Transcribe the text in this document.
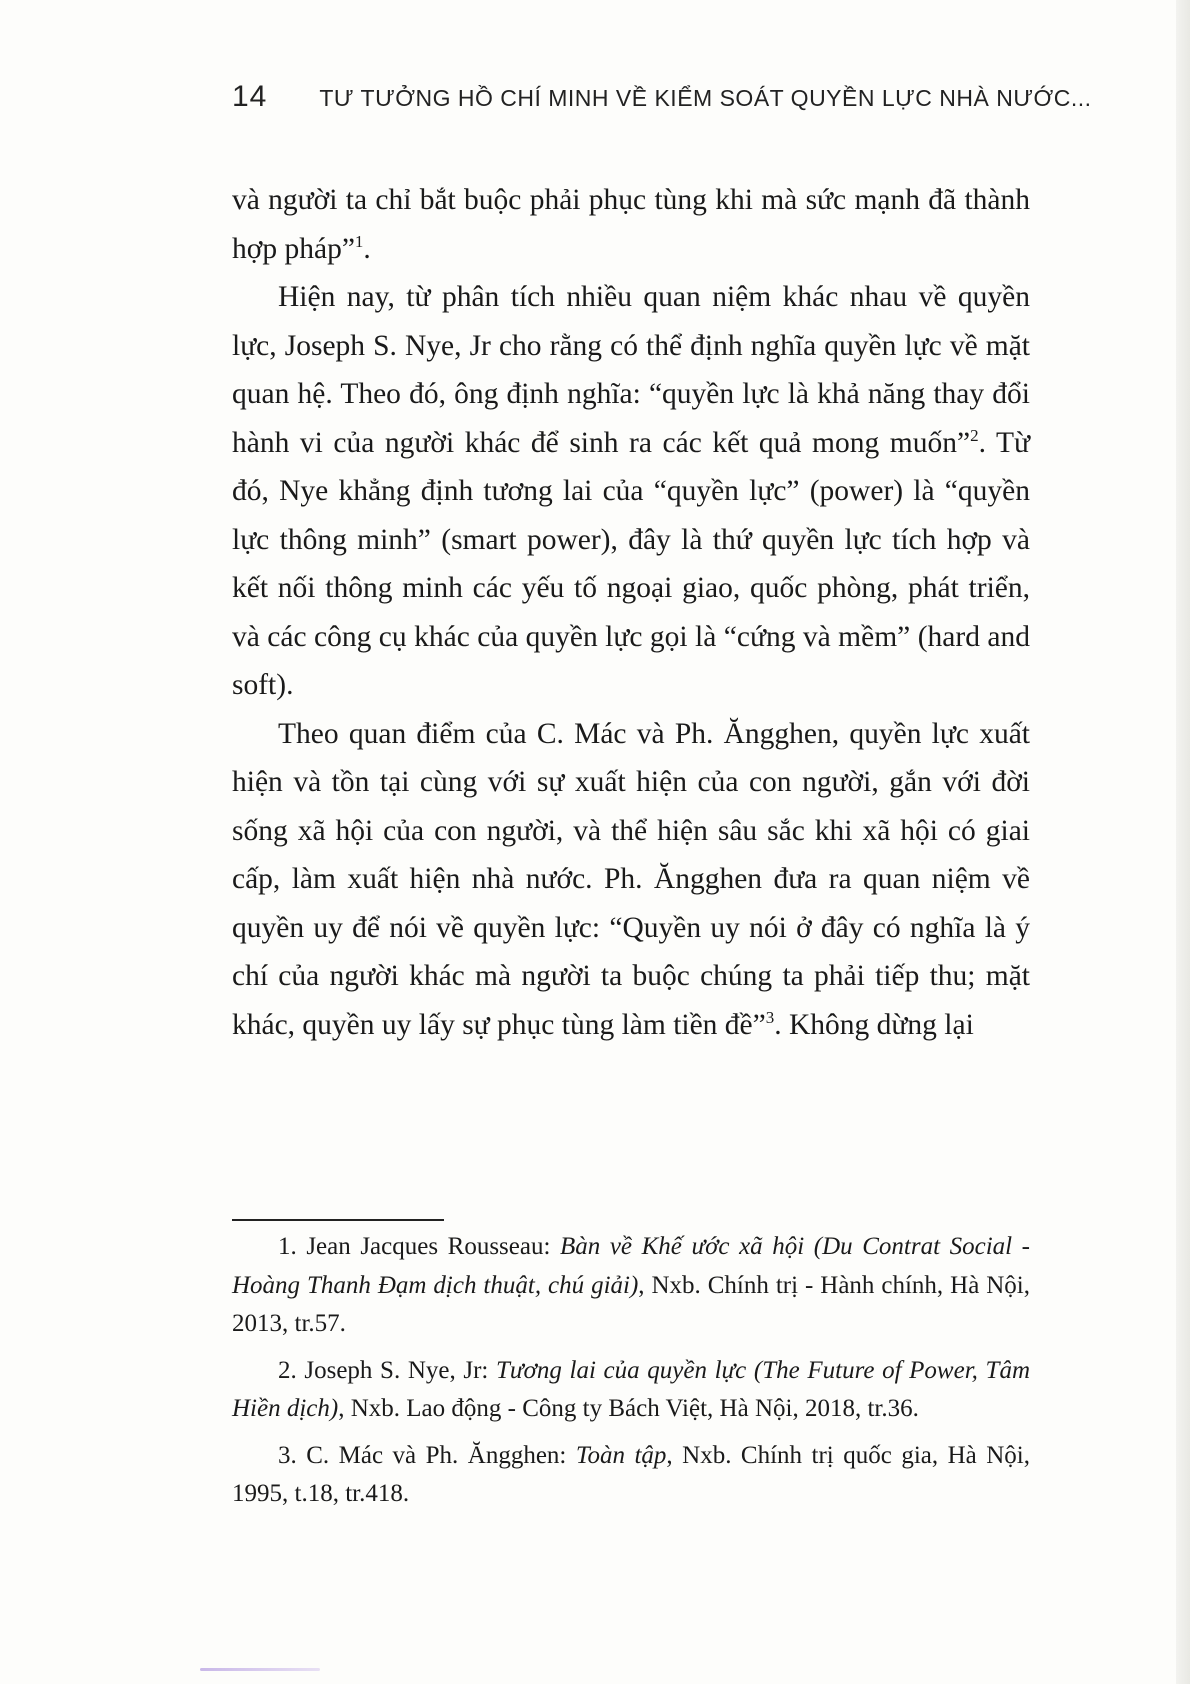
14 TƯ TƯỞNG HỒ CHÍ MINH VỀ KIỂM SOÁT QUYỀN LỰC NHÀ NƯỚC...

và người ta chỉ bắt buộc phải phục tùng khi mà sức mạnh đã thành hợp pháp”$^1$.

Hiện nay, từ phân tích nhiều quan niệm khác nhau về quyền lực, Joseph S. Nye, Jr cho rằng có thể định nghĩa quyền lực về mặt quan hệ. Theo đó, ông định nghĩa: “quyền lực là khả năng thay đổi hành vi của người khác để sinh ra các kết quả mong muốn”$^2$. Từ đó, Nye khẳng định tương lai của “quyền lực” (power) là “quyền lực thông minh” (smart power), đây là thứ quyền lực tích hợp và kết nối thông minh các yếu tố ngoại giao, quốc phòng, phát triển, và các công cụ khác của quyền lực gọi là “cứng và mềm” (hard and soft).

Theo quan điểm của C. Mác và Ph. Ăngghen, quyền lực xuất hiện và tồn tại cùng với sự xuất hiện của con người, gắn với đời sống xã hội của con người, và thể hiện sâu sắc khi xã hội có giai cấp, làm xuất hiện nhà nước. Ph. Ăngghen đưa ra quan niệm về quyền uy để nói về quyền lực: “Quyền uy nói ở đây có nghĩa là ý chí của người khác mà người ta buộc chúng ta phải tiếp thu; mặt khác, quyền uy lấy sự phục tùng làm tiền đề”$^3$. Không dừng lại

1. Jean Jacques Rousseau: Bàn về Khế ước xã hội (Du Contrat Social - Hoàng Thanh Đạm dịch thuật, chú giải), Nxb. Chính trị - Hành chính, Hà Nội, 2013, tr.57.

2. Joseph S. Nye, Jr: Tương lai của quyền lực (The Future of Power, Tâm Hiền dịch), Nxb. Lao động - Công ty Bách Việt, Hà Nội, 2018, tr.36.

3. C. Mác và Ph. Ăngghen: Toàn tập, Nxb. Chính trị quốc gia, Hà Nội, 1995, t.18, tr.418.
